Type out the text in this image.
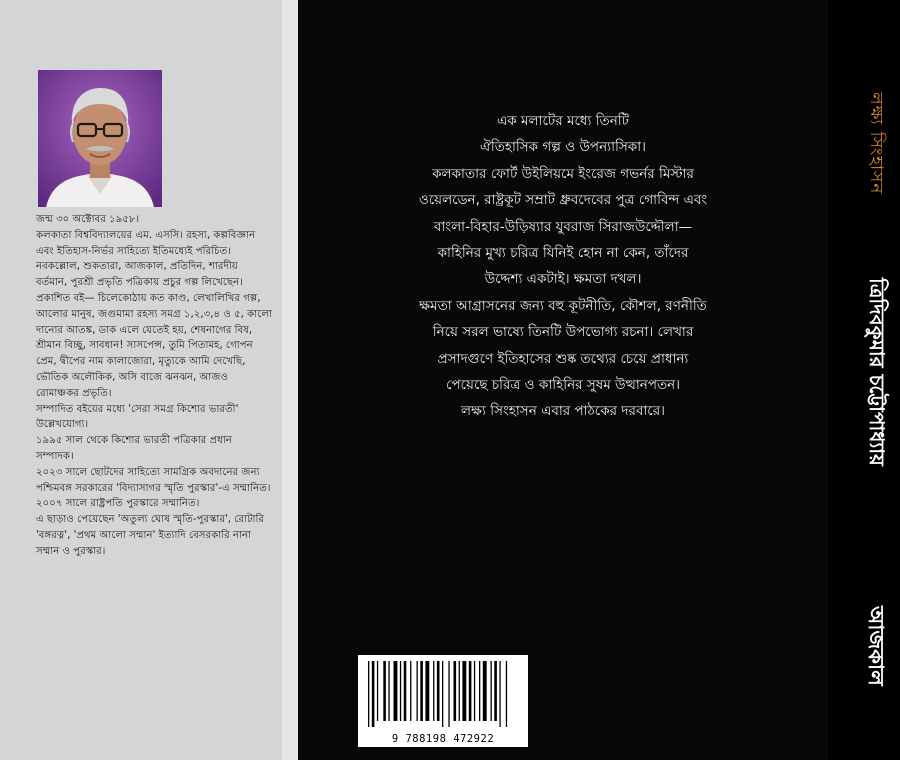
জন্ম ৩০ অক্টোবর ১৯৫৮।

কলকাতা বিশ্ববিদ্যালয়ের এম. এসসি। রহস্য, কল্পবিজ্ঞান এবং ইতিহাস-নির্ভর সাহিত্যে ইতিমধ্যেই পরিচিত। নবকল্লোল, শুকতারা, আজকাল, প্রতিদিন, শারদীয় বর্তমান, পুরশ্রী প্রভৃতি পত্রিকায় প্রচুর গল্প লিখেছেন।

প্রকাশিত বই— চিলেকোঠায় কত কাণ্ড, লেখালিখির গল্প, আলোর মানুষ, জগুমামা রহস্য সমগ্র ১,২,৩,৪ ও ৫, কালো দানোর আতঙ্ক, ডাক এলে যেতেই হয়, শেষনাগের বিষ, শ্রীমান বিচ্ছু, সাবধান! সাসপেন্স, তুমি পিতামহ, গোপন প্রেম, দ্বীপের নাম কালাজোরা, মৃত্যুকে আমি দেখেছি, ভৌতিক অলৌকিক, অসি বাজে ঝনঝন, আজও রোমাঞ্চকর প্রভৃতি।

সম্পাদিত বইয়ের মধ্যে 'সেরা সমগ্র কিশোর ভারতী' উল্লেখযোগ্য।

১৯৯৫ সাল থেকে কিশোর ভারতী পত্রিকার প্রধান সম্পাদক।

২০২৩ সালে ছোটদের সাহিত্যে সামগ্রিক অবদানের জন্য পশ্চিমবঙ্গ সরকারের 'বিদ্যাসাগর স্মৃতি পুরস্কার'-এ সম্মানিত।

২০০৭ সালে রাষ্ট্রপতি পুরস্কারে সম্মানিত।

এ ছাড়াও পেয়েছেন 'অতুল্য ঘোষ স্মৃতি-পুরস্কার', রোটারি 'বঙ্গরত্ন', 'প্রথম আলো সম্মান' ইত্যাদি বেসরকারি নানা সম্মান ও পুরস্কার।

এক মলাটের মধ্যে তিনটি

ঐতিহাসিক গল্প ও উপন্যাসিকা।

কলকাতার ফোর্ট উইলিয়মে ইংরেজ গভর্নর মিস্টার

ওয়েলডেন, রাষ্ট্রকূট সম্রাট ধ্রুবদেবের পুত্র গোবিন্দ এবং

বাংলা-বিহার-উড়িষ্যার যুবরাজ সিরাজউদ্দৌলা—

কাহিনির মুখ্য চরিত্র যিনিই হোন না কেন, তাঁদের

উদ্দেশ্য একটাই। ক্ষমতা দখল।

ক্ষমতা আগ্রাসনের জন্য বহু কূটনীতি, কৌশল, রণনীতি

নিয়ে সরল ভাষ্যে তিনটি উপভোগ্য রচনা। লেখার

প্রসাদগুণে ইতিহাসের শুষ্ক তথ্যের চেয়ে প্রাধান্য

পেয়েছে চরিত্র ও কাহিনির সুষম উত্থানপতন।

লক্ষ্য সিংহাসন এবার পাঠকের দরবারে।

9 788198 472922
লক্ষ্য সিংহাসন
ত্রিদিবকুমার চট্টোপাধ্যায়
আজকাল
